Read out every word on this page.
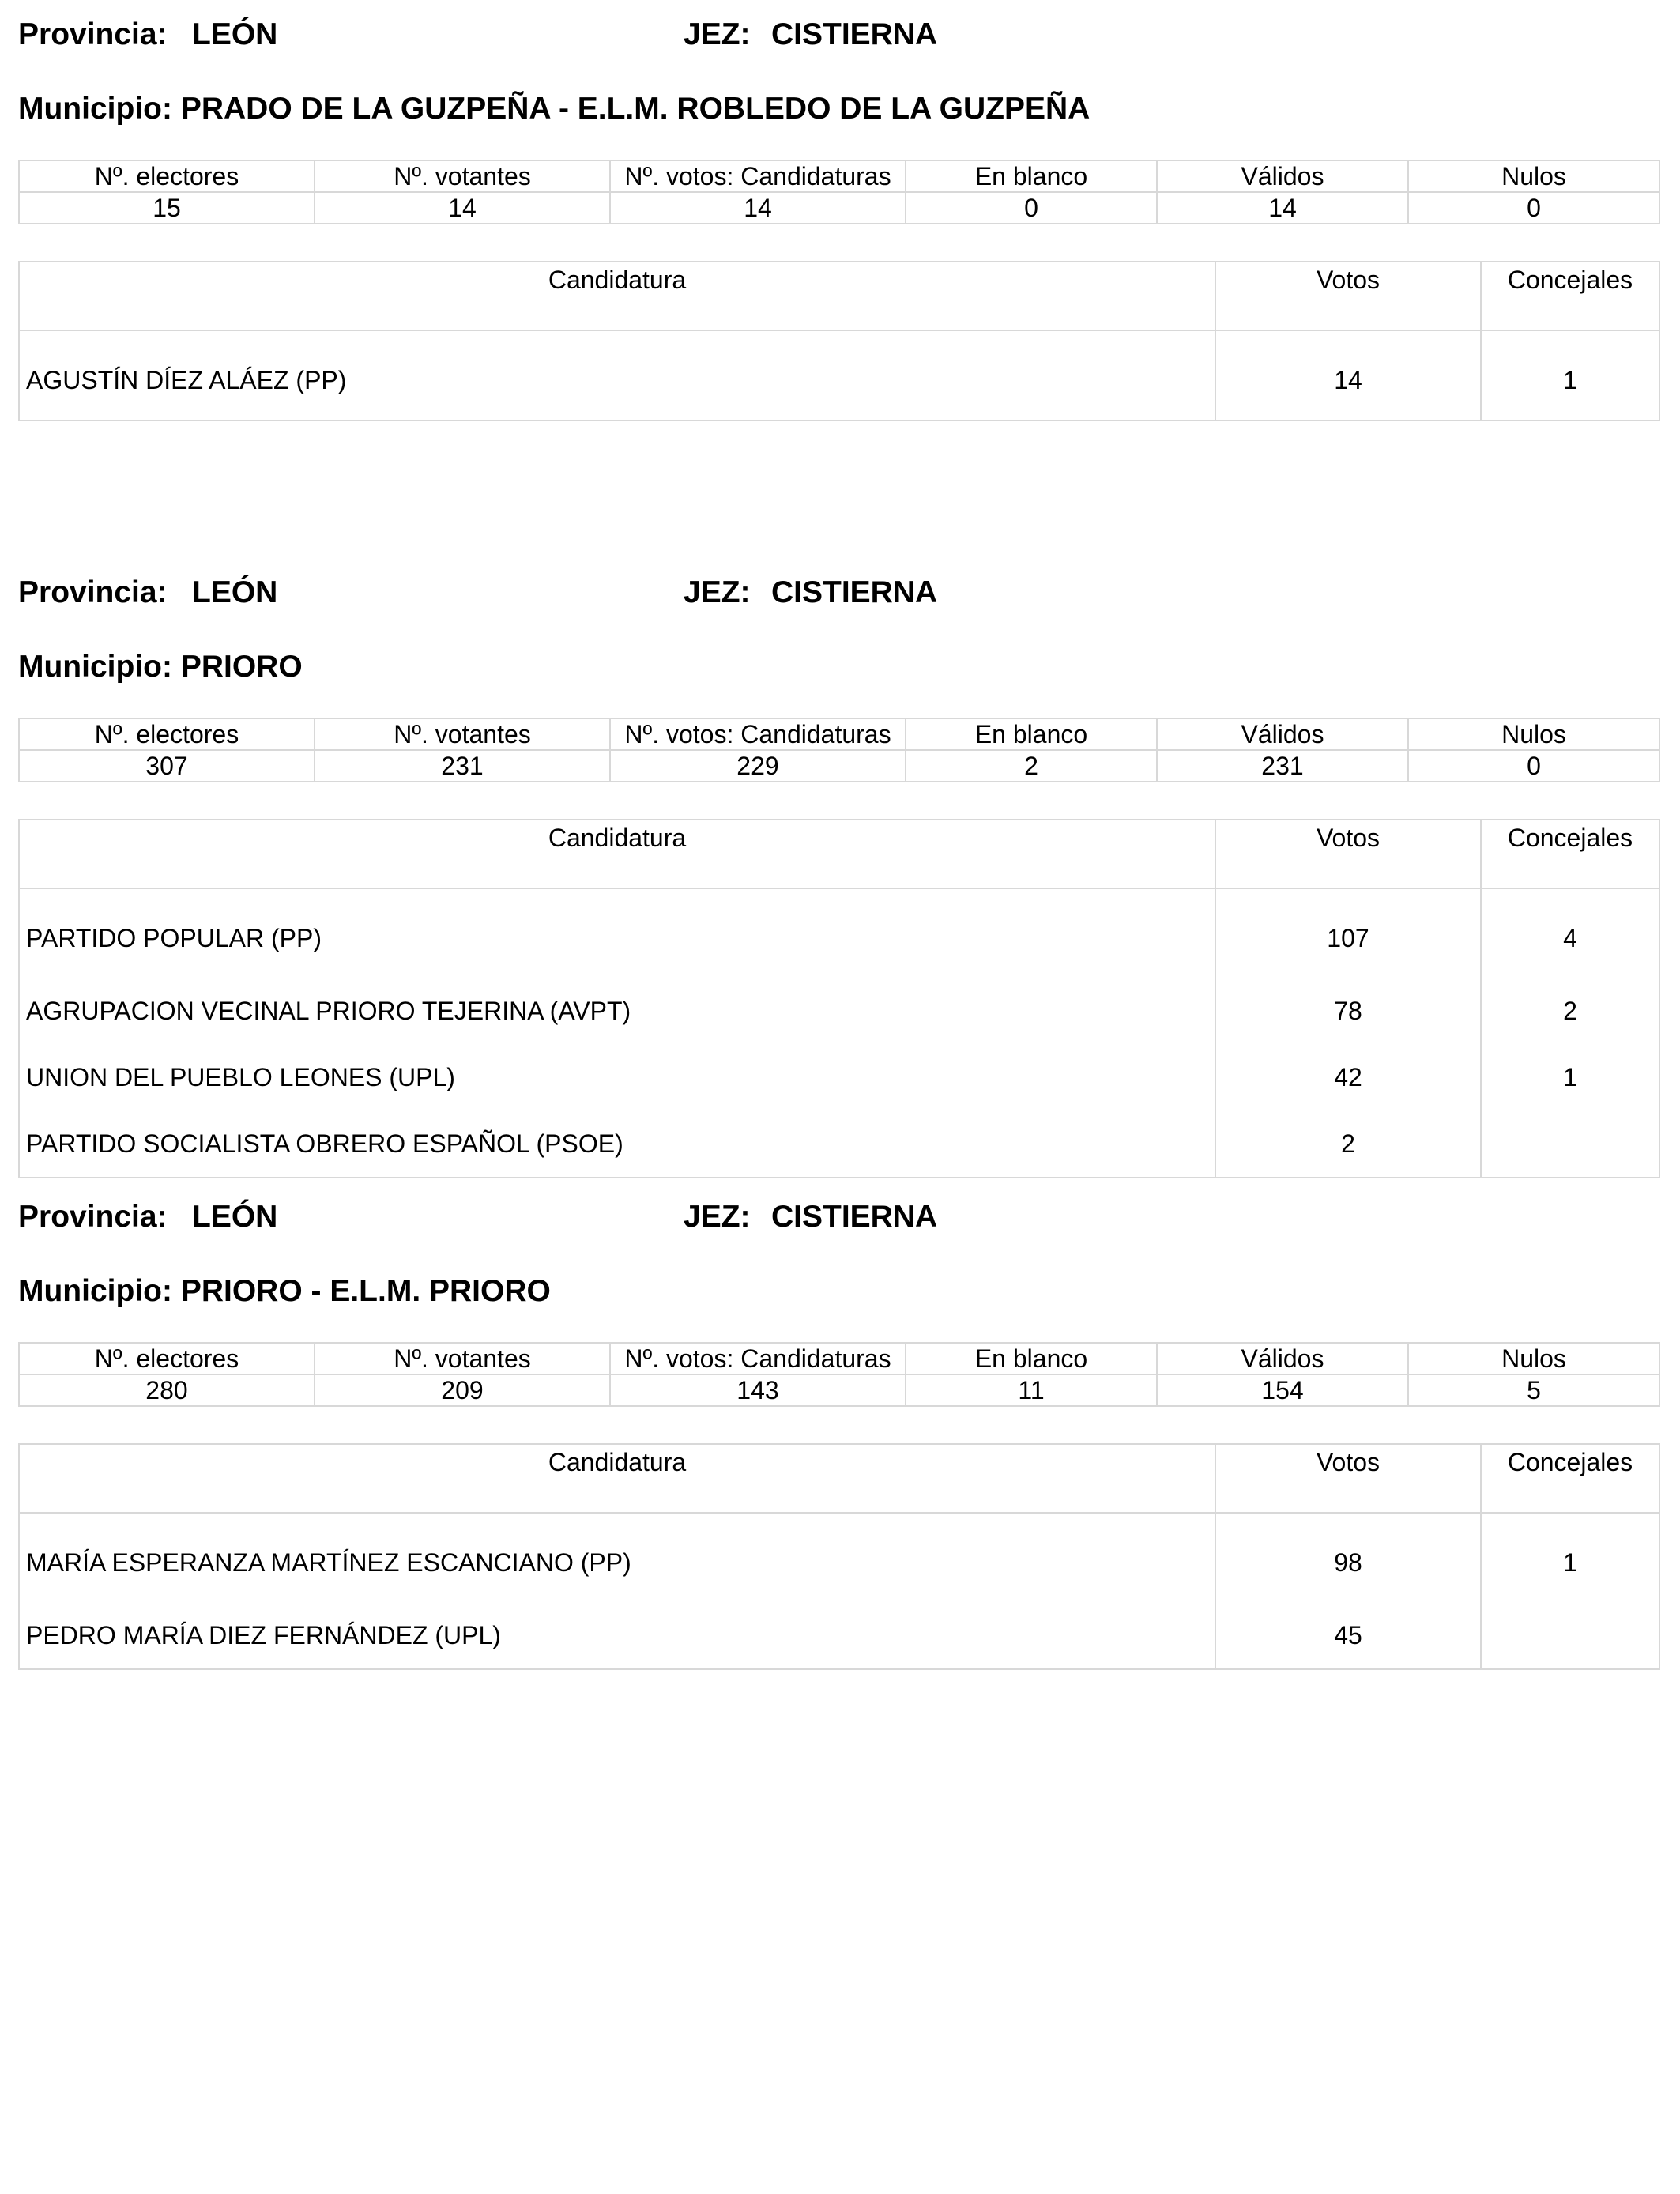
Provincia: LEÓN	JEZ: CISTIERNA
Municipio: PRADO DE LA GUZPEÑA - E.L.M. ROBLEDO DE LA GUZPEÑA
Nº. electores	Nº. votantes	Nº. votos: Candidaturas	En blanco	Válidos	Nulos
15	14	14	0	14	0
Candidatura	Votos	Concejales
AGUSTÍN DÍEZ ALÁEZ (PP)	14	1
Provincia: LEÓN	JEZ: CISTIERNA
Municipio: PRIORO
Nº. electores	Nº. votantes	Nº. votos: Candidaturas	En blanco	Válidos	Nulos
307	231	229	2	231	0
Candidatura	Votos	Concejales
PARTIDO POPULAR (PP)	107	4
AGRUPACION VECINAL PRIORO TEJERINA (AVPT)	78	2
UNION DEL PUEBLO LEONES (UPL)	42	1
PARTIDO SOCIALISTA OBRERO ESPAÑOL (PSOE)	2	
Provincia: LEÓN	JEZ: CISTIERNA
Municipio: PRIORO - E.L.M. PRIORO
Nº. electores	Nº. votantes	Nº. votos: Candidaturas	En blanco	Válidos	Nulos
280	209	143	11	154	5
Candidatura	Votos	Concejales
MARÍA ESPERANZA MARTÍNEZ ESCANCIANO (PP)	98	1
PEDRO MARÍA DIEZ FERNÁNDEZ (UPL)	45	
